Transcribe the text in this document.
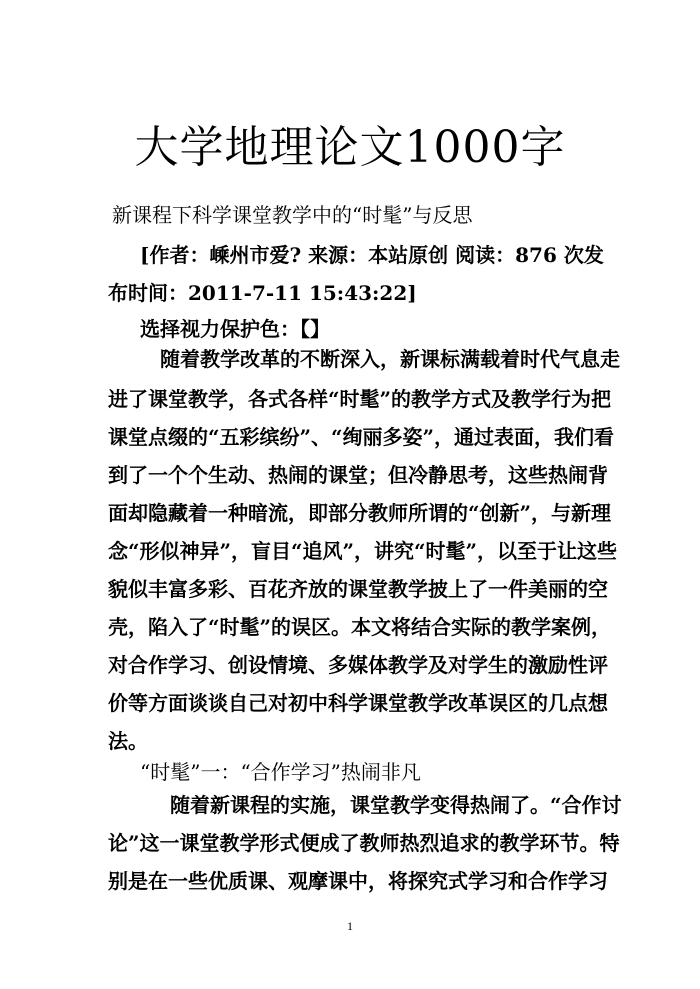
大学地理论文1000字
新课程下科学课堂教学中的“时髦”与反思
[作者：嵊州市爱? 来源：本站原创 阅读：876 次发
布时间：2011-7-11 15:43:22]
选择视力保护色：【】
随着教学改革的不断深入，新课标满载着时代气息走
进了课堂教学，各式各样“时髦”的教学方式及教学行为把
课堂点缀的“五彩缤纷”、“绚丽多姿”，通过表面，我们看
到了一个个生动、热闹的课堂；但冷静思考，这些热闹背
面却隐藏着一种暗流，即部分教师所谓的“创新”，与新理
念“形似神异”，盲目“追风”，讲究“时髦”，以至于让这些
貌似丰富多彩、百花齐放的课堂教学披上了一件美丽的空
壳，陷入了“时髦”的误区。本文将结合实际的教学案例，
对合作学习、创设情境、多媒体教学及对学生的激励性评
价等方面谈谈自己对初中科学课堂教学改革误区的几点想
法。
“时髦”一：“合作学习”热闹非凡
随着新课程的实施，课堂教学变得热闹了。“合作讨
论”这一课堂教学形式便成了教师热烈追求的教学环节。特
别是在一些优质课、观摩课中，将探究式学习和合作学习
1
